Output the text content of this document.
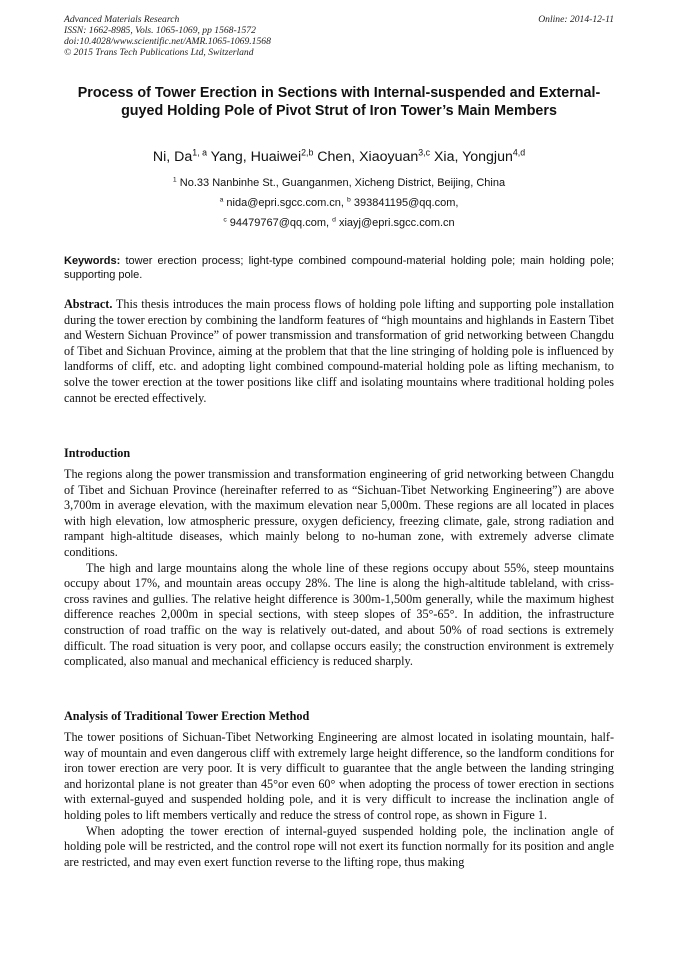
Advanced Materials Research
ISSN: 1662-8985, Vols. 1065-1069, pp 1568-1572
doi:10.4028/www.scientific.net/AMR.1065-1069.1568
© 2015 Trans Tech Publications Ltd, Switzerland
Online: 2014-12-11
Process of Tower Erection in Sections with Internal-suspended and External-guyed Holding Pole of Pivot Strut of Iron Tower’s Main Members
Ni, Da$^{1, a}$ Yang, Huaiwei$^{2,b}$ Chen, Xiaoyuan$^{3,c}$ Xia, Yongjun$^{4,d}$
$^1$ No.33 Nanbinhe St., Guanganmen, Xicheng District, Beijing, China
$^a$ nida@epri.sgcc.com.cn, $^b$ 393841195@qq.com,
$^c$ 94479767@qq.com, $^d$ xiayj@epri.sgcc.com.cn
Keywords: tower erection process; light-type combined compound-material holding pole; main holding pole; supporting pole.

Abstract. This thesis introduces the main process flows of holding pole lifting and supporting pole installation during the tower erection by combining the landform features of “high mountains and highlands in Eastern Tibet and Western Sichuan Province” of power transmission and transformation of grid networking between Changdu of Tibet and Sichuan Province, aiming at the problem that that the line stringing of holding pole is influenced by landforms of cliff, etc. and adopting light combined compound-material holding pole as lifting mechanism, to solve the tower erection at the tower positions like cliff and isolating mountains where traditional holding poles cannot be erected effectively.

Introduction

The regions along the power transmission and transformation engineering of grid networking between Changdu of Tibet and Sichuan Province (hereinafter referred to as “Sichuan-Tibet Networking Engineering”) are above 3,700m in average elevation, with the maximum elevation near 5,000m. These regions are all located in places with high elevation, low atmospheric pressure, oxygen deficiency, freezing climate, gale, strong radiation and rampant high-altitude diseases, which mainly belong to no-human zone, with extremely adverse climate conditions.

The high and large mountains along the whole line of these regions occupy about 55%, steep mountains occupy about 17%, and mountain areas occupy 28%. The line is along the high-altitude tableland, with criss-cross ravines and gullies. The relative height difference is 300m-1,500m generally, while the maximum highest difference reaches 2,000m in special sections, with steep slopes of 35°-65°. In addition, the infrastructure construction of road traffic on the way is relatively out-dated, and about 50% of road sections is extremely difficult. The road situation is very poor, and collapse occurs easily; the construction environment is extremely complicated, also manual and mechanical efficiency is reduced sharply.

Analysis of Traditional Tower Erection Method

The tower positions of Sichuan-Tibet Networking Engineering are almost located in isolating mountain, half-way of mountain and even dangerous cliff with extremely large height difference, so the landform conditions for iron tower erection are very poor. It is very difficult to guarantee that the angle between the landing stringing and horizontal plane is not greater than 45°or even 60° when adopting the process of tower erection in sections with external-guyed and suspended holding pole, and it is very difficult to increase the inclination angle of holding poles to lift members vertically and reduce the stress of control rope, as shown in Figure 1.

When adopting the tower erection of internal-guyed suspended holding pole, the inclination angle of holding pole will be restricted, and the control rope will not exert its function normally for its position and angle are restricted, and may even exert function reverse to the lifting rope, thus making
